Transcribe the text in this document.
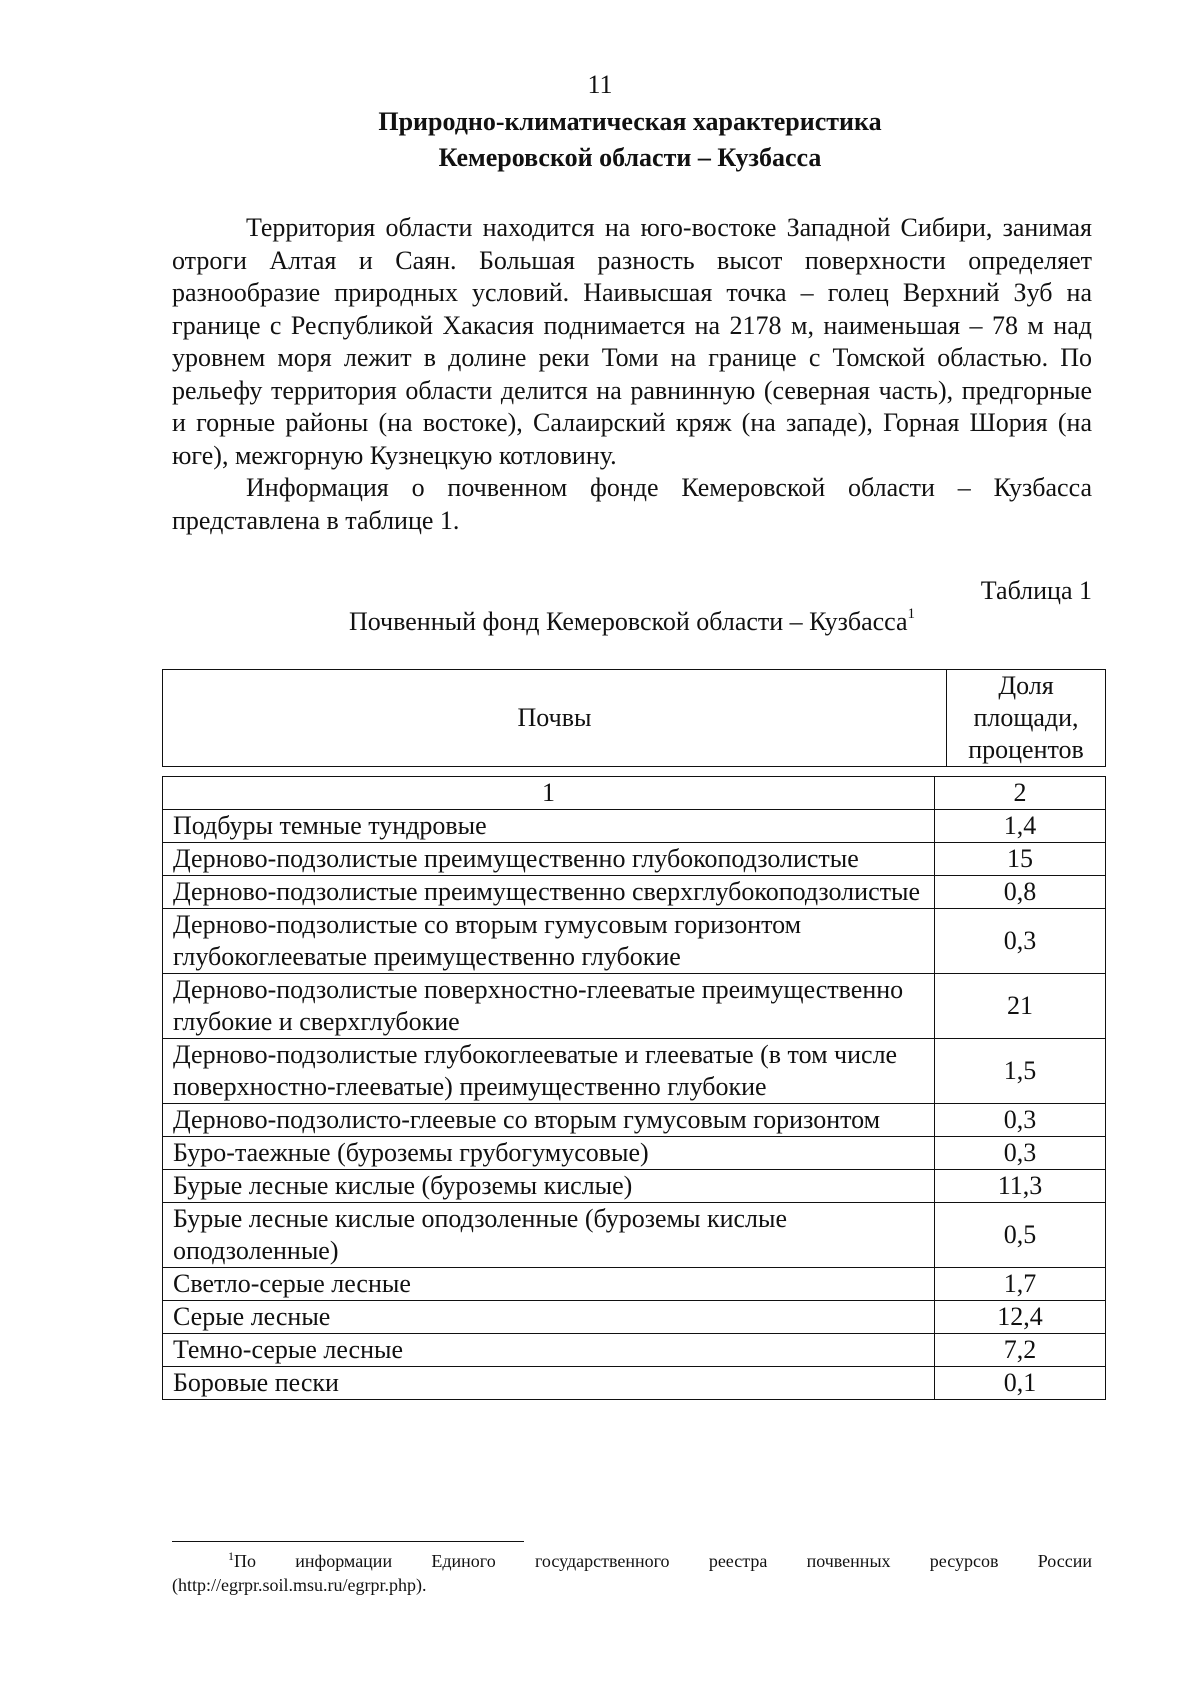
11
Природно-климатическая характеристика
Кемеровской области – Кузбасса

Территория области находится на юго-востоке Западной Сибири, занимая отроги Алтая и Саян. Большая разность высот поверхности определяет разнообразие природных условий. Наивысшая точка – голец Верхний Зуб на границе с Республикой Хакасия поднимается на 2178 м, наименьшая – 78 м над уровнем моря лежит в долине реки Томи на границе с Томской областью. По рельефу территория области делится на равнинную (северная часть), предгорные и горные районы (на востоке), Салаирский кряж (на западе), Горная Шория (на юге), межгорную Кузнецкую котловину.

Информация о почвенном фонде Кемеровской области – Кузбасса представлена в таблице 1.

Таблица 1
Почвенный фонд Кемеровской области – Кузбасса$^1$
Почвы	Доля площади, процентов
1	2
Подбуры темные тундровые	1,4
Дерново-подзолистые преимущественно глубокоподзолистые	15
Дерново-подзолистые преимущественно сверхглубокоподзолистые	0,8
Дерново-подзолистые со вторым гумусовым горизонтом глубокоглееватые преимущественно глубокие	0,3
Дерново-подзолистые поверхностно-глееватые преимущественно глубокие и сверхглубокие	21
Дерново-подзолистые глубокоглееватые и глееватые (в том числе поверхностно-глееватые) преимущественно глубокие	1,5
Дерново-подзолисто-глеевые со вторым гумусовым горизонтом	0,3
Буро-таежные (буроземы грубогумусовые)	0,3
Бурые лесные кислые (буроземы кислые)	11,3
Бурые лесные кислые оподзоленные (буроземы кислые оподзоленные)	0,5
Светло-серые лесные	1,7
Серые лесные	12,4
Темно-серые лесные	7,2
Боровые пески	0,1

$^1$По информации Единого государственного реестра почвенных ресурсов России (http://egrpr.soil.msu.ru/egrpr.php).
